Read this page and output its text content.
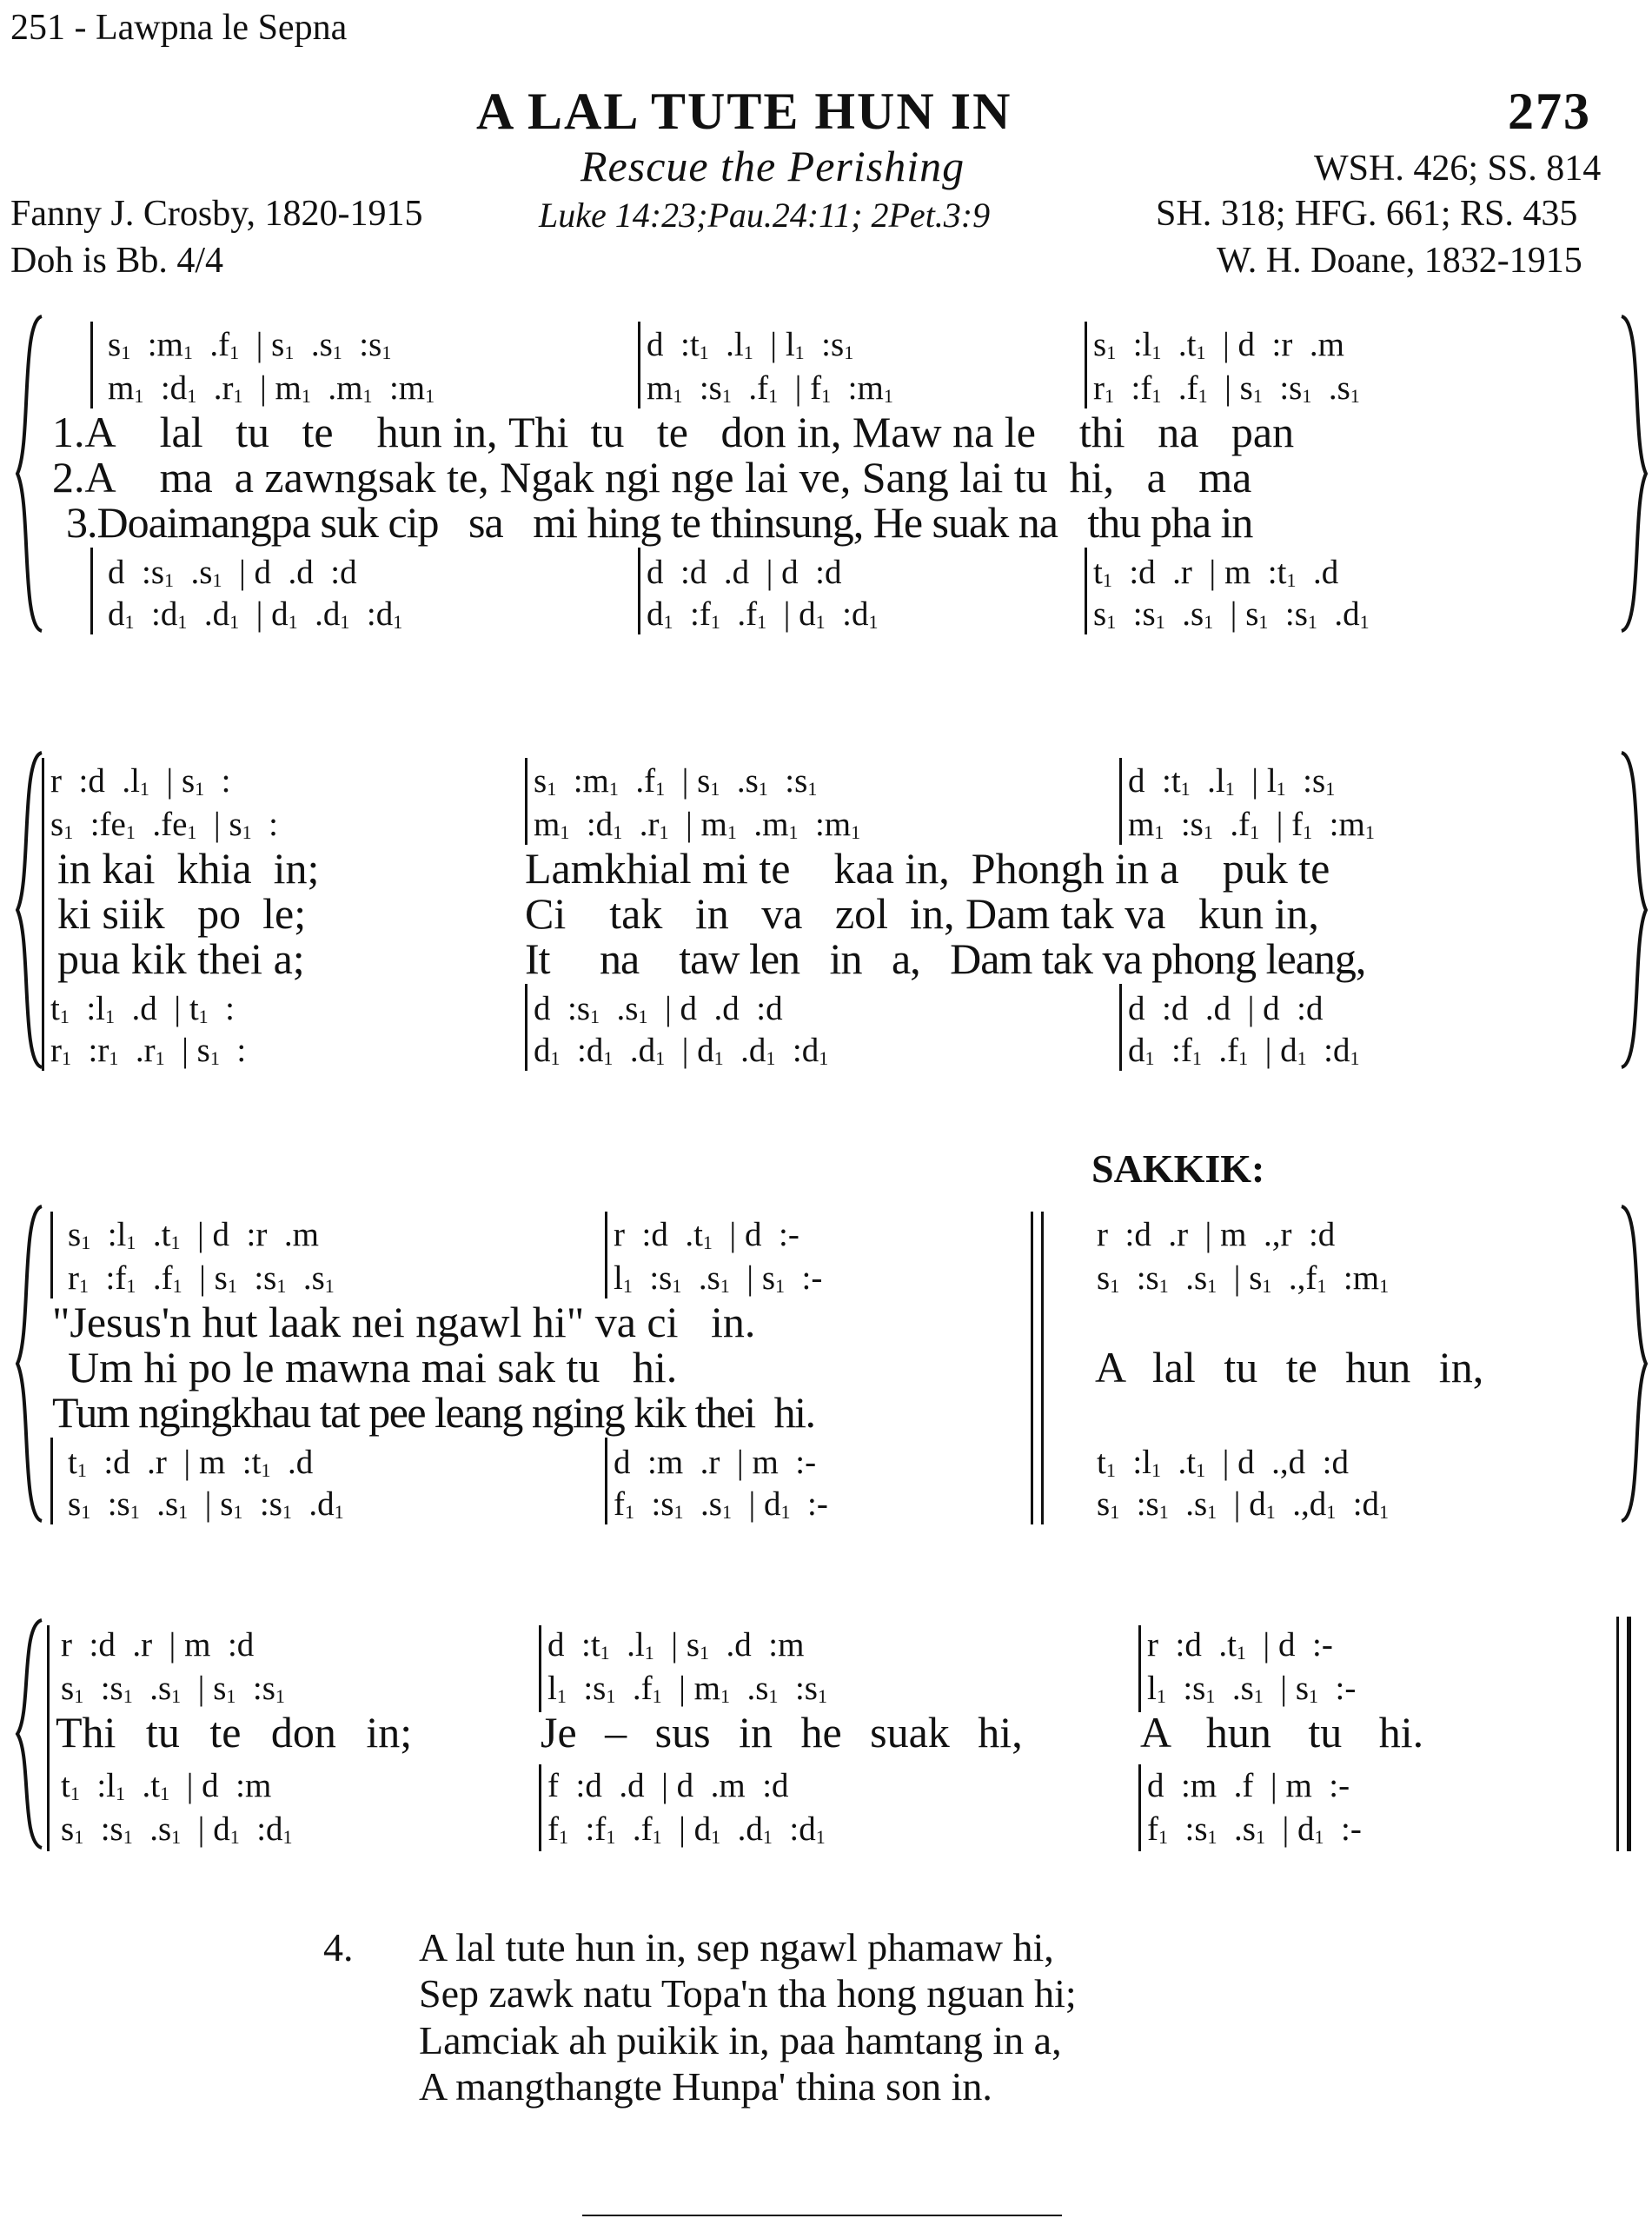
251 - Lawpna le Sepna
A LAL TUTE HUN IN	273
Rescue the Perishing	WSH. 426; SS. 814
Fanny J. Crosby, 1820-1915	Luke 14:23;Pau.24:11; 2Pet.3:9	SH. 318; HFG. 661; RS. 435
Doh is Bb. 4/4	W. H. Doane, 1832-1915
$s_1$  $:m_1$  $.f_1$  | $s_1$  $.s_1$  $:s_1$	d  $:t_1$  $.l_1$  | $l_1$  $:s_1$	$s_1$  $:l_1$  $.t_1$  | d  :r  .m
$m_1$  $:d_1$  $.r_1$  | $m_1$  $.m_1$  $:m_1$	$m_1$  $:s_1$  $.f_1$  | $f_1$  $:m_1$	$r_1$  $:f_1$  $.f_1$  | $s_1$  $:s_1$  $.s_1$
1.A lal tu te hun in, Thi tu te don in, Maw na le thi na pan
2.A ma a zawngsak te, Ngak ngi nge lai ve, Sang lai tu hi, a ma
3.Doaimangpa suk cip sa mi hing te thinsung, He suak na thu pha in
d  $:s_1$  $.s_1$  | d  .d  :d	d  :d  .d  | d  :d	$t_1$  :d  .r  | m  $:t_1$  .d
$d_1$  $:d_1$  $.d_1$  | $d_1$  $.d_1$  $:d_1$	$d_1$  $:f_1$  $.f_1$  | $d_1$  $:d_1$	$s_1$  $:s_1$  $.s_1$  | $s_1$  $:s_1$  $.d_1$
r  :d  $.l_1$  | $s_1$  :	$s_1$  $:m_1$  $.f_1$  | $s_1$  $.s_1$  $:s_1$	d  $:t_1$  $.l_1$  | $l_1$  $:s_1$
$s_1$  $:fe_1$  $.fe_1$  | $s_1$  :	$m_1$  $:d_1$  $.r_1$  | $m_1$  $.m_1$  $:m_1$	$m_1$  $:s_1$  $.f_1$  | $f_1$  $:m_1$
in kai khia in;	Lamkhial mi te kaa in, Phongh in a puk te
ki siik po le;	Ci tak in va zol in, Dam tak va kun in,
pua kik thei a;	It na taw len in a, Dam tak va phong leang,
$t_1$  $:l_1$  .d  | $t_1$  :	d  $:s_1$  $.s_1$  | d  .d  :d	d  :d  .d  | d  :d
$r_1$  $:r_1$  $.r_1$  | $s_1$  :	$d_1$  $:d_1$  $.d_1$  | $d_1$  $.d_1$  $:d_1$	$d_1$  $:f_1$  $.f_1$  | $d_1$  $:d_1$
SAKKIK:
$s_1$  $:l_1$  $.t_1$  | d  :r  .m	r  :d  $.t_1$  | d  :-	r  :d  .r  | m  .,r  :d
$r_1$  $:f_1$  $.f_1$  | $s_1$  $:s_1$  $.s_1$	$l_1$  $:s_1$  $.s_1$  | $s_1$  :-	$s_1$  $:s_1$  $.s_1$  | $s_1$  $.,f_1$  $:m_1$
"Jesus'n hut laak nei ngawl hi" va ci in.
Um hi po le mawna mai sak tu hi.	A lal tu te hun in,
Tum ngingkhau tat pee leang nging kik thei hi.
$t_1$  :d  .r  | m  $:t_1$  .d	d  :m  .r  | m  :-	$t_1$  $:l_1$  $.t_1$  | d  .,d  :d
$s_1$  $:s_1$  $.s_1$  | $s_1$  $:s_1$  $.d_1$	$f_1$  $:s_1$  $.s_1$  | $d_1$  :-	$s_1$  $:s_1$  $.s_1$  | $d_1$  $.,d_1$  $:d_1$
r  :d  .r  | m  :d	d  $:t_1$  $.l_1$  | $s_1$  .d  :m	r  :d  $.t_1$  | d  :-
$s_1$  $:s_1$  $.s_1$  | $s_1$  $:s_1$	$l_1$  $:s_1$  $.f_1$  | $m_1$  $.s_1$  $:s_1$	$l_1$  $:s_1$  $.s_1$  | $s_1$  :-
Thi tu te don in;	Je – sus in he suak hi,	A hun tu hi.
$t_1$  $:l_1$  $.t_1$  | d  :m	f  :d  .d  | d  .m  :d	d  :m  .f  | m  :-
$s_1$  $:s_1$  $.s_1$  | $d_1$  $:d_1$	$f_1$  $:f_1$  $.f_1$  | $d_1$  $.d_1$  $:d_1$	$f_1$  $:s_1$  $.s_1$  | $d_1$  :-
4. A lal tute hun in, sep ngawl phamaw hi,
Sep zawk natu Topa'n tha hong nguan hi;
Lamciak ah puikik in, paa hamtang in a,
A mangthangte Hunpa' thina son in.
